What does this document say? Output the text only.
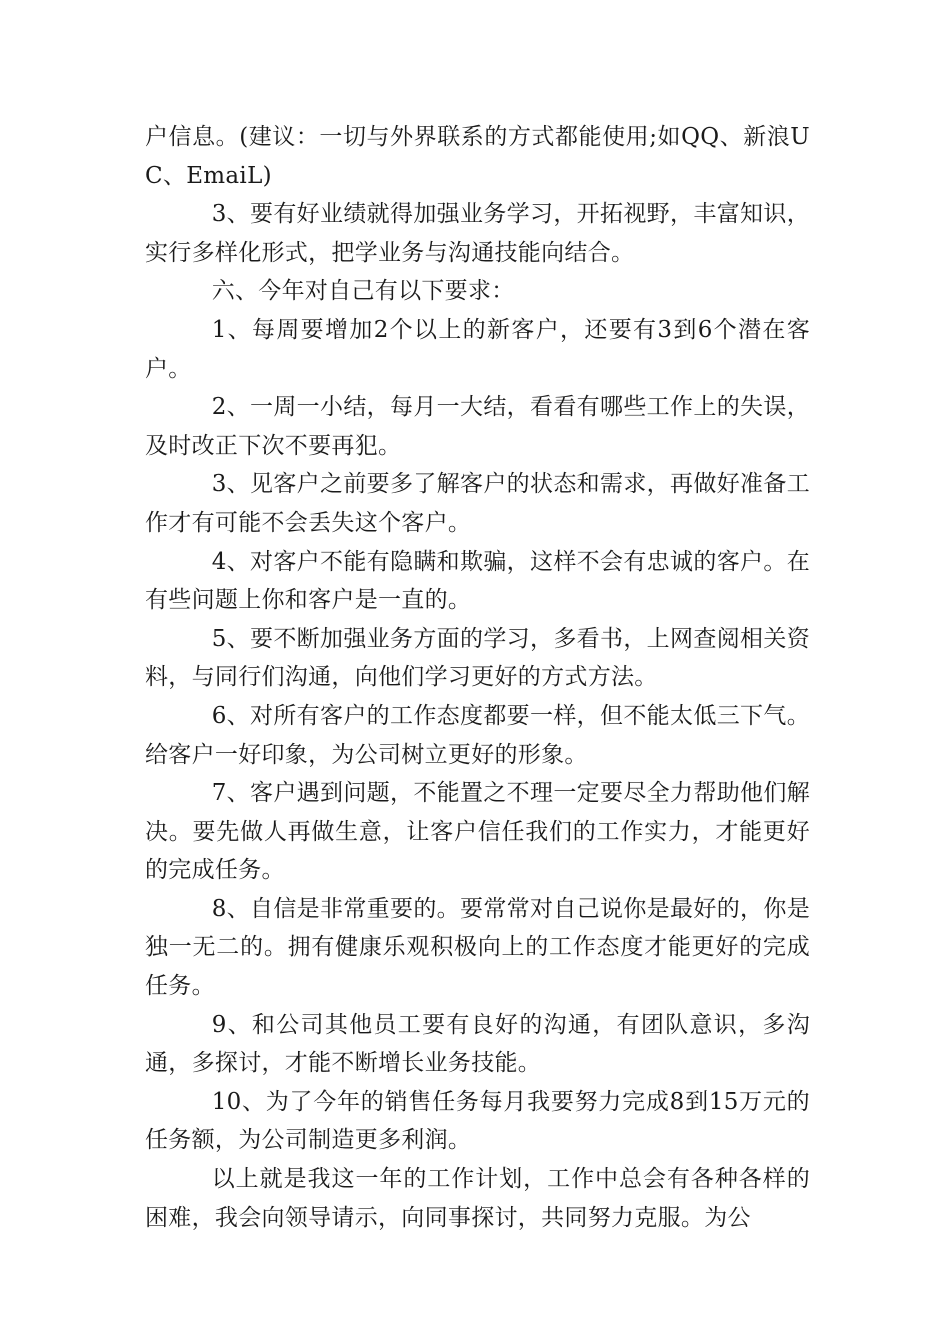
户信息。(建议：一切与外界联系的方式都能使用;如QQ、新浪UC、EmaiL)

3、要有好业绩就得加强业务学习，开拓视野，丰富知识，实行多样化形式，把学业务与沟通技能向结合。

六、今年对自己有以下要求：

1、每周要增加2个以上的新客户，还要有3到6个潜在客户。

2、一周一小结，每月一大结，看看有哪些工作上的失误，及时改正下次不要再犯。

3、见客户之前要多了解客户的状态和需求，再做好准备工作才有可能不会丢失这个客户。

4、对客户不能有隐瞒和欺骗，这样不会有忠诚的客户。在有些问题上你和客户是一直的。

5、要不断加强业务方面的学习，多看书，上网查阅相关资料，与同行们沟通，向他们学习更好的方式方法。

6、对所有客户的工作态度都要一样，但不能太低三下气。给客户一好印象，为公司树立更好的形象。

7、客户遇到问题，不能置之不理一定要尽全力帮助他们解决。要先做人再做生意，让客户信任我们的工作实力，才能更好的完成任务。

8、自信是非常重要的。要常常对自己说你是最好的，你是独一无二的。拥有健康乐观积极向上的工作态度才能更好的完成任务。

9、和公司其他员工要有良好的沟通，有团队意识，多沟通，多探讨，才能不断增长业务技能。

10、为了今年的销售任务每月我要努力完成8到15万元的任务额，为公司制造更多利润。

以上就是我这一年的工作计划，工作中总会有各种各样的困难，我会向领导请示，向同事探讨，共同努力克服。为公
